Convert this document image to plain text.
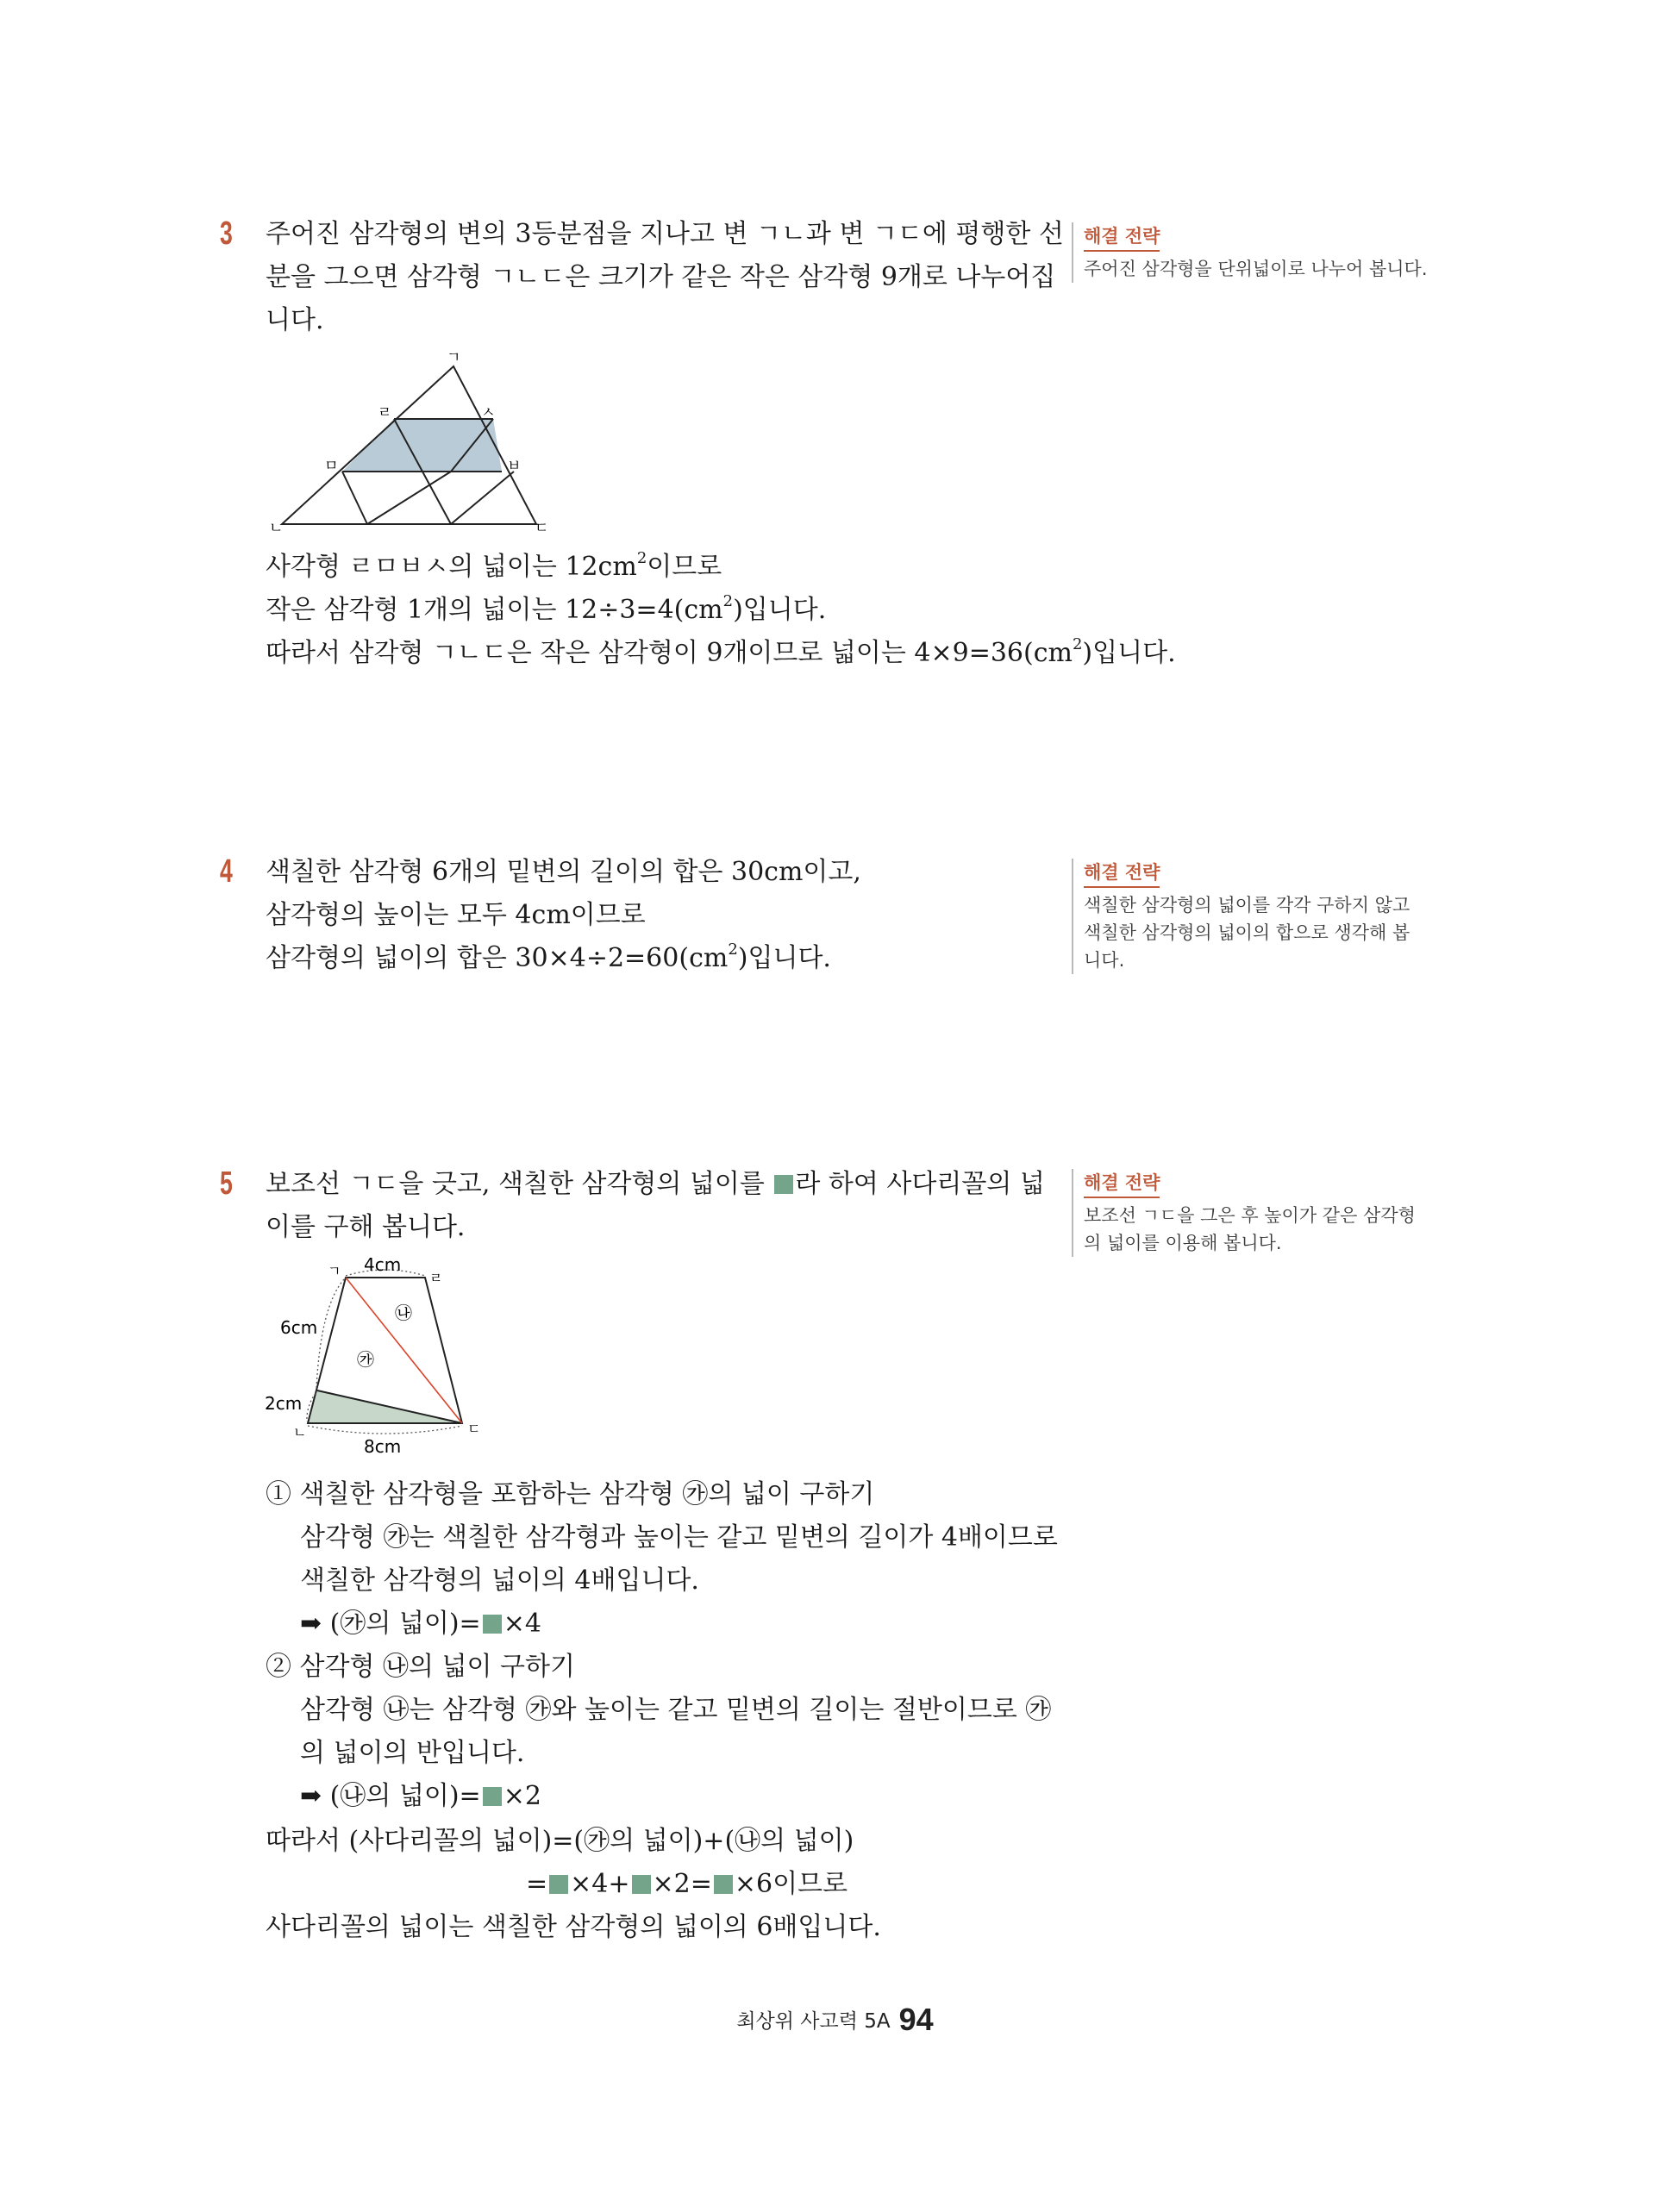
3 주어진 삼각형의 변의 3등분점을 지나고 변 ㄱㄴ과 변 ㄱㄷ에 평행한 선
분을 그으면 삼각형 ㄱㄴㄷ은 크기가 같은 작은 삼각형 9개로 나누어집
니다.
해결 전략
주어진 삼각형을 단위넓이로 나누어 봅니다.
ㄱ
ㄹ	ㅅ
ㅁ	ㅂ
ㄴ	ㄷ
사각형 ㄹㅁㅂㅅ의 넓이는 $12cm^2$이므로
작은 삼각형 1개의 넓이는 $12\div 3=4(cm^2)$입니다.
따라서 삼각형 ㄱㄴㄷ은 작은 삼각형이 9개이므로 넓이는 $4\times 9=36(cm^2)$입니다.
4 색칠한 삼각형 6개의 밑변의 길이의 합은 30cm이고,
삼각형의 높이는 모두 4cm이므로
삼각형의 넓이의 합은 $30\times 4\div 2=60(cm^2)$입니다.
해결 전략
색칠한 삼각형의 넓이를 각각 구하지 않고
색칠한 삼각형의 넓이의 합으로 생각해 봅
니다.
5 보조선 ㄱㄷ을 긋고, 색칠한 삼각형의 넓이를 라 하여 사다리꼴의 넓
이를 구해 봅니다.
해결 전략
보조선 ㄱㄷ을 그은 후 높이가 같은 삼각형
의 넓이를 이용해 봅니다.
4cm
6cm
2cm
8cm
ㄱ	ㄹ
ㄴ	ㄷ
㉯
㉮
① 색칠한 삼각형을 포함하는 삼각형 ㉮의 넓이 구하기
삼각형 ㉮는 색칠한 삼각형과 높이는 같고 밑변의 길이가 4배이므로
색칠한 삼각형의 넓이의 4배입니다.
➡ (㉮의 넓이)= ×4
② 삼각형 ㉯의 넓이 구하기
삼각형 ㉯는 삼각형 ㉮와 높이는 같고 밑변의 길이는 절반이므로 ㉮
의 넓이의 반입니다.
➡ (㉯의 넓이)= ×2
따라서 (사다리꼴의 넓이)=(㉮의 넓이)+(㉯의 넓이)
= ×4+ ×2= ×6이므로
사다리꼴의 넓이는 색칠한 삼각형의 넓이의 6배입니다.
최상위 사고력 5A 94
